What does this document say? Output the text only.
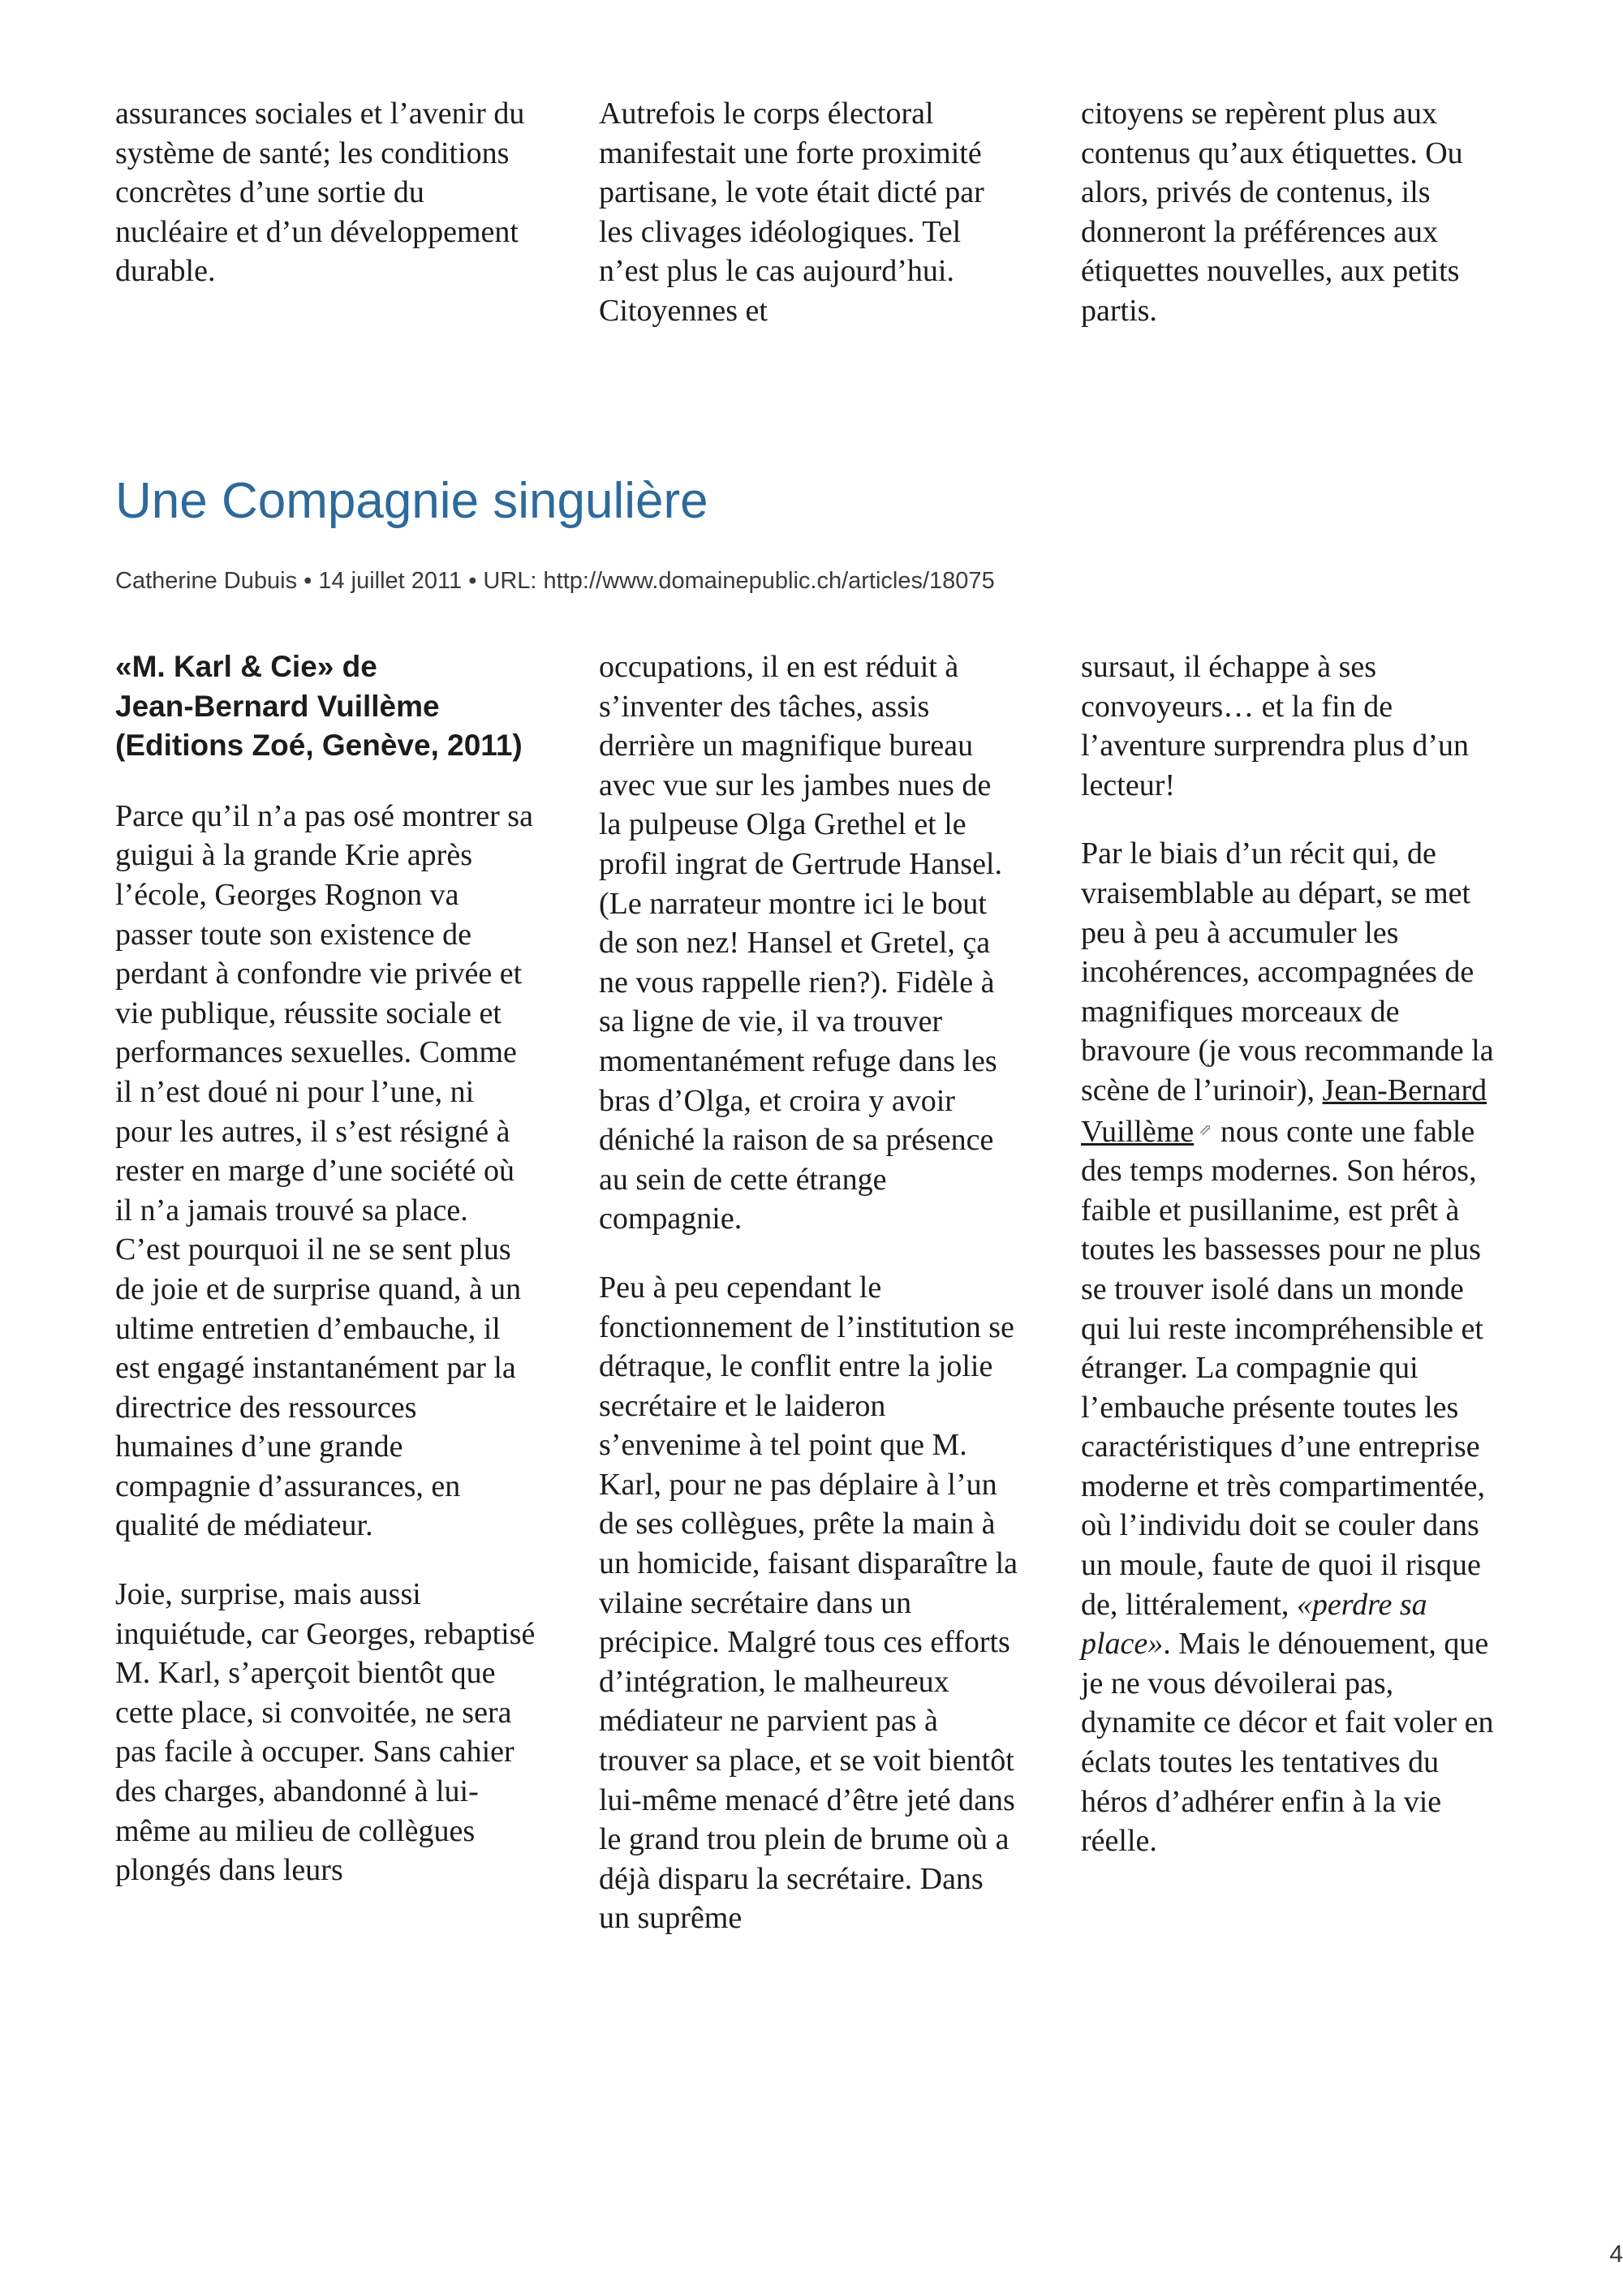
assurances sociales et l’avenir du système de santé; les conditions concrètes d’une sortie du nucléaire et d’un développement durable.

Autrefois le corps électoral manifestait une forte proximité partisane, le vote était dicté par les clivages idéologiques. Tel n’est plus le cas aujourd’hui. Citoyennes et

citoyens se repèrent plus aux contenus qu’aux étiquettes. Ou alors, privés de contenus, ils donneront la préférences aux étiquettes nouvelles, aux petits partis.

Une Compagnie singulière
Catherine Dubuis • 14 juillet 2011 • URL: http://www.domainepublic.ch/articles/18075
«M. Karl & Cie» de
Jean-Bernard Vuillème
(Editions Zoé, Genève, 2011)

Parce qu’il n’a pas osé montrer sa guigui à la grande Krie après l’école, Georges Rognon va passer toute son existence de perdant à confondre vie privée et vie publique, réussite sociale et performances sexuelles. Comme il n’est doué ni pour l’une, ni pour les autres, il s’est résigné à rester en marge d’une société où il n’a jamais trouvé sa place. C’est pourquoi il ne se sent plus de joie et de surprise quand, à un ultime entretien d’embauche, il est engagé instantanément par la directrice des ressources humaines d’une grande compagnie d’assurances, en qualité de médiateur.

Joie, surprise, mais aussi inquiétude, car Georges, rebaptisé M. Karl, s’aperçoit bientôt que cette place, si convoitée, ne sera pas facile à occuper. Sans cahier des charges, abandonné à lui-même au milieu de collègues plongés dans leurs

occupations, il en est réduit à s’inventer des tâches, assis derrière un magnifique bureau avec vue sur les jambes nues de la pulpeuse Olga Grethel et le profil ingrat de Gertrude Hansel. (Le narrateur montre ici le bout de son nez! Hansel et Gretel, ça ne vous rappelle rien?). Fidèle à sa ligne de vie, il va trouver momentanément refuge dans les bras d’Olga, et croira y avoir déniché la raison de sa présence au sein de cette étrange compagnie.

Peu à peu cependant le fonctionnement de l’institution se détraque, le conflit entre la jolie secrétaire et le laideron s’envenime à tel point que M. Karl, pour ne pas déplaire à l’un de ses collègues, prête la main à un homicide, faisant disparaître la vilaine secrétaire dans un précipice. Malgré tous ces efforts d’intégration, le malheureux médiateur ne parvient pas à trouver sa place, et se voit bientôt lui-même menacé d’être jeté dans le grand trou plein de brume où a déjà disparu la secrétaire. Dans un suprême

sursaut, il échappe à ses convoyeurs… et la fin de l’aventure surprendra plus d’un lecteur!

Par le biais d’un récit qui, de vraisemblable au départ, se met peu à peu à accumuler les incohérences, accompagnées de magnifiques morceaux de bravoure (je vous recommande la scène de l’urinoir), Jean-Bernard Vuillème ⇗ nous conte une fable des temps modernes. Son héros, faible et pusillanime, est prêt à toutes les bassesses pour ne plus se trouver isolé dans un monde qui lui reste incompréhensible et étranger. La compagnie qui l’embauche présente toutes les caractéristiques d’une entreprise moderne et très compartimentée, où l’individu doit se couler dans un moule, faute de quoi il risque de, littéralement, «perdre sa place». Mais le dénouement, que je ne vous dévoilerai pas, dynamite ce décor et fait voler en éclats toutes les tentatives du héros d’adhérer enfin à la vie réelle.

4
